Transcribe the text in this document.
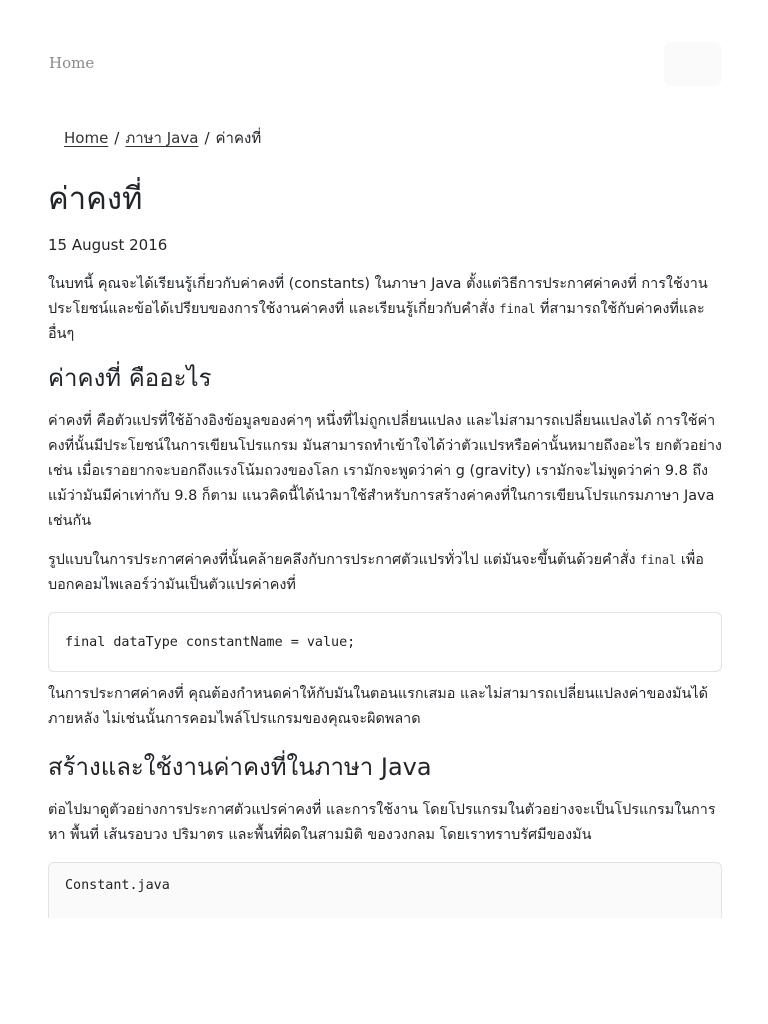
Home
Home / ภาษา Java / ค่าคงที่
ค่าคงที่
15 August 2016

ในบทนี้ คุณจะได้เรียนรู้เกี่ยวกับค่าคงที่ (constants) ในภาษา Java ตั้งแต่วิธีการประกาศค่าคงที่ การใช้งาน ประโยชน์และข้อได้เปรียบของการใช้งานค่าคงที่ และเรียนรู้เกี่ยวกับคำสั่ง final ที่สามารถใช้กับค่าคงที่และอื่นๆ

ค่าคงที่ คืออะไร

ค่าคงที่ คือตัวแปรที่ใช้อ้างอิงข้อมูลของค่าๆ หนึ่งที่ไม่ถูกเปลี่ยนแปลง และไม่สามารถเปลี่ยนแปลงได้ การใช้ค่าคงที่นั้นมีประโยชน์ในการเขียนโปรแกรม มันสามารถทำเข้าใจได้ว่าตัวแปรหรือค่านั้นหมายถึงอะไร ยกตัวอย่างเช่น เมื่อเราอยากจะบอกถึงแรงโน้มถวงของโลก เรามักจะพูดว่าค่า g (gravity) เรามักจะไม่พูดว่าค่า 9.8 ถึงแม้ว่ามันมีค่าเท่ากับ 9.8 ก็ตาม แนวคิดนี้ได้นำมาใช้สำหรับการสร้างค่าคงที่ในการเขียนโปรแกรมภาษา Java เช่นกัน

รูปแบบในการประกาศค่าคงที่นั้นคล้ายคลึงกับการประกาศตัวแปรทั่วไป แต่มันจะขึ้นต้นด้วยคำสั่ง final เพื่อบอกคอมไพเลอร์ว่ามันเป็นตัวแปรค่าคงที่

final dataType constantName = value;

ในการประกาศค่าคงที่ คุณต้องกำหนดค่าให้กับมันในตอนแรกเสมอ และไม่สามารถเปลี่ยนแปลงค่าของมันได้ภายหลัง ไม่เช่นนั้นการคอมไพล์โปรแกรมของคุณจะผิดพลาด

สร้างและใช้งานค่าคงที่ในภาษา Java

ต่อไปมาดูตัวอย่างการประกาศตัวแปรค่าคงที่ และการใช้งาน โดยโปรแกรมในตัวอย่างจะเป็นโปรแกรมในการหา พื้นที่ เส้นรอบวง ปริมาตร และพื้นที่ผิดในสามมิติ ของวงกลม โดยเราทราบรัศมีของมัน

Constant.java
